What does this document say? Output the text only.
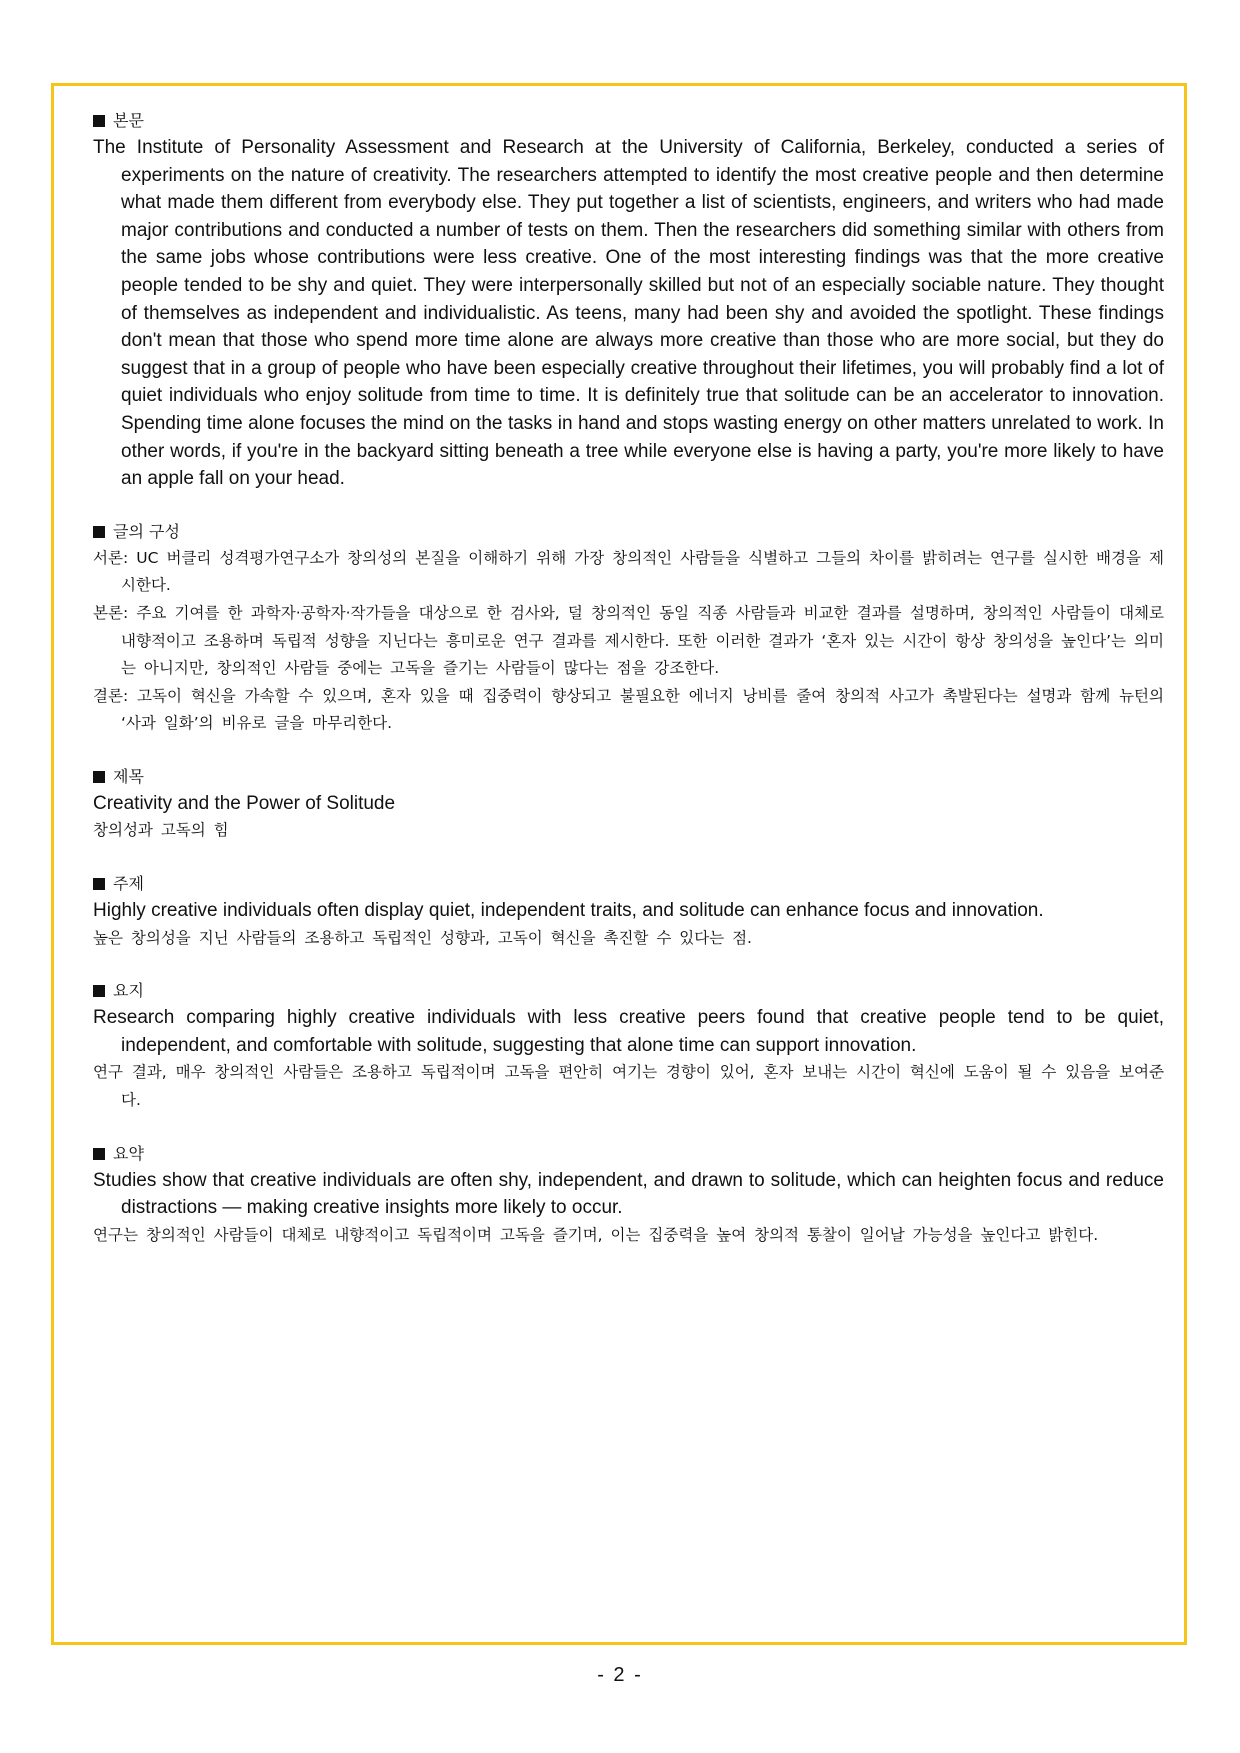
본문
The Institute of Personality Assessment and Research at the University of California, Berkeley, conducted a series of experiments on the nature of creativity. The researchers attempted to identify the most creative people and then determine what made them different from everybody else. They put together a list of scientists, engineers, and writers who had made major contributions and conducted a number of tests on them. Then the researchers did something similar with others from the same jobs whose contributions were less creative. One of the most interesting findings was that the more creative people tended to be shy and quiet. They were interpersonally skilled but not of an especially sociable nature. They thought of themselves as independent and individualistic. As teens, many had been shy and avoided the spotlight. These findings don't mean that those who spend more time alone are always more creative than those who are more social, but they do suggest that in a group of people who have been especially creative throughout their lifetimes, you will probably find a lot of quiet individuals who enjoy solitude from time to time. It is definitely true that solitude can be an accelerator to innovation. Spending time alone focuses the mind on the tasks in hand and stops wasting energy on other matters unrelated to work. In other words, if you're in the backyard sitting beneath a tree while everyone else is having a party, you're more likely to have an apple fall on your head.
글의 구성
서론: UC 버클리 성격평가연구소가 창의성의 본질을 이해하기 위해 가장 창의적인 사람들을 식별하고 그들의 차이를 밝히려는 연구를 실시한 배경을 제시한다.
본론: 주요 기여를 한 과학자·공학자·작가들을 대상으로 한 검사와, 덜 창의적인 동일 직종 사람들과 비교한 결과를 설명하며, 창의적인 사람들이 대체로 내향적이고 조용하며 독립적 성향을 지닌다는 흥미로운 연구 결과를 제시한다. 또한 이러한 결과가 ‘혼자 있는 시간이 항상 창의성을 높인다’는 의미는 아니지만, 창의적인 사람들 중에는 고독을 즐기는 사람들이 많다는 점을 강조한다.
결론: 고독이 혁신을 가속할 수 있으며, 혼자 있을 때 집중력이 향상되고 불필요한 에너지 낭비를 줄여 창의적 사고가 촉발된다는 설명과 함께 뉴턴의 ‘사과 일화’의 비유로 글을 마무리한다.
제목
Creativity and the Power of Solitude
창의성과 고독의 힘
주제
Highly creative individuals often display quiet, independent traits, and solitude can enhance focus and innovation.
높은 창의성을 지닌 사람들의 조용하고 독립적인 성향과, 고독이 혁신을 촉진할 수 있다는 점.
요지
Research comparing highly creative individuals with less creative peers found that creative people tend to be quiet, independent, and comfortable with solitude, suggesting that alone time can support innovation.
연구 결과, 매우 창의적인 사람들은 조용하고 독립적이며 고독을 편안히 여기는 경향이 있어, 혼자 보내는 시간이 혁신에 도움이 될 수 있음을 보여준다.
요약
Studies show that creative individuals are often shy, independent, and drawn to solitude, which can heighten focus and reduce distractions — making creative insights more likely to occur.
연구는 창의적인 사람들이 대체로 내향적이고 독립적이며 고독을 즐기며, 이는 집중력을 높여 창의적 통찰이 일어날 가능성을 높인다고 밝힌다.
- 2 -
